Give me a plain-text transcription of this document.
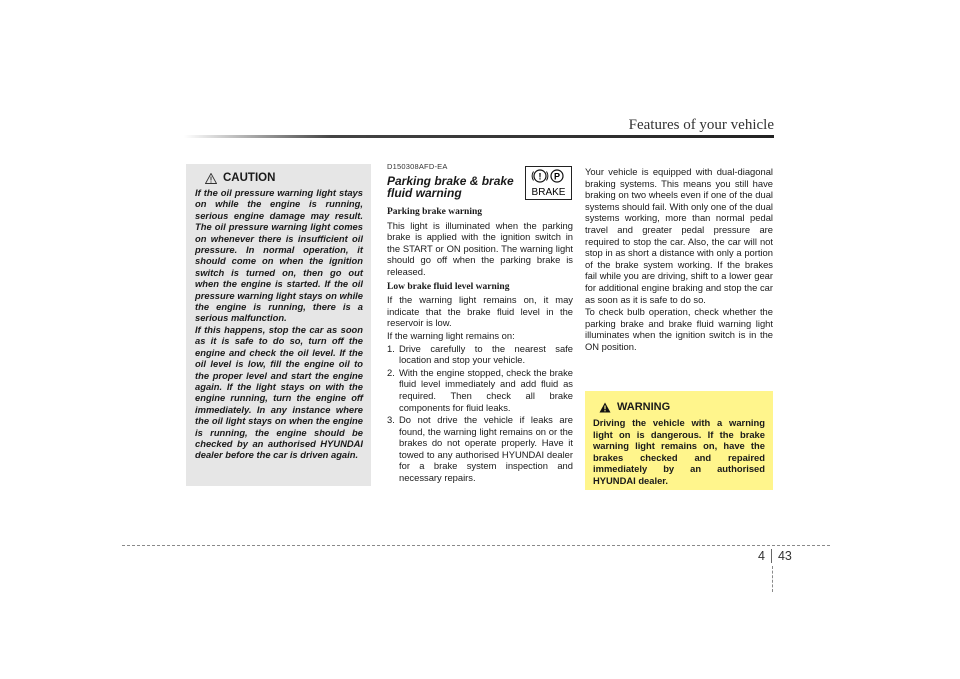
Features of your vehicle
CAUTION

If the oil pressure warning light stays on while the engine is running, serious engine damage may result. The oil pressure warning light comes on whenever there is insufficient oil pressure. In normal operation, it should come on when the ignition switch is turned on, then go out when the engine is started. If the oil pressure warning light stays on while the engine is running, there is a serious malfunction.

If this happens, stop the car as soon as it is safe to do so, turn off the engine and check the oil level. If the oil level is low, fill the engine oil to the proper level and start the engine again. If the light stays on with the engine running, turn the engine off immediately. In any instance where the oil light stays on when the engine is running, the engine should be checked by an authorised HYUNDAI dealer before the car is driven again.

! P
BRAKE
D150308AFD-EA
Parking brake & brake fluid warning
Parking brake warning

This light is illuminated when the parking brake is applied with the ignition switch in the START or ON position. The warning light should go off when the parking brake is released.

Low brake fluid level warning

If the warning light remains on, it may indicate that the brake fluid level in the reservoir is low.

If the warning light remains on:

1. Drive carefully to the nearest safe location and stop your vehicle.
2. With the engine stopped, check the brake fluid level immediately and add fluid as required. Then check all brake components for fluid leaks.
3. Do not drive the vehicle if leaks are found, the warning light remains on or the brakes do not operate properly. Have it towed to any authorised HYUNDAI dealer for a brake system inspection and necessary repairs.

Your vehicle is equipped with dual-diagonal braking systems. This means you still have braking on two wheels even if one of the dual systems should fail. With only one of the dual systems working, more than normal pedal travel and greater pedal pressure are required to stop the car. Also, the car will not stop in as short a distance with only a portion of the brake system working. If the brakes fail while you are driving, shift to a lower gear for additional engine braking and stop the car as soon as it is safe to do so.

To check bulb operation, check whether the parking brake and brake fluid warning light illuminates when the ignition switch is in the ON position.

WARNING
Driving the vehicle with a warning light on is dangerous. If the brake warning light remains on, have the brakes checked and repaired immediately by an authorised HYUNDAI dealer.
4	43
